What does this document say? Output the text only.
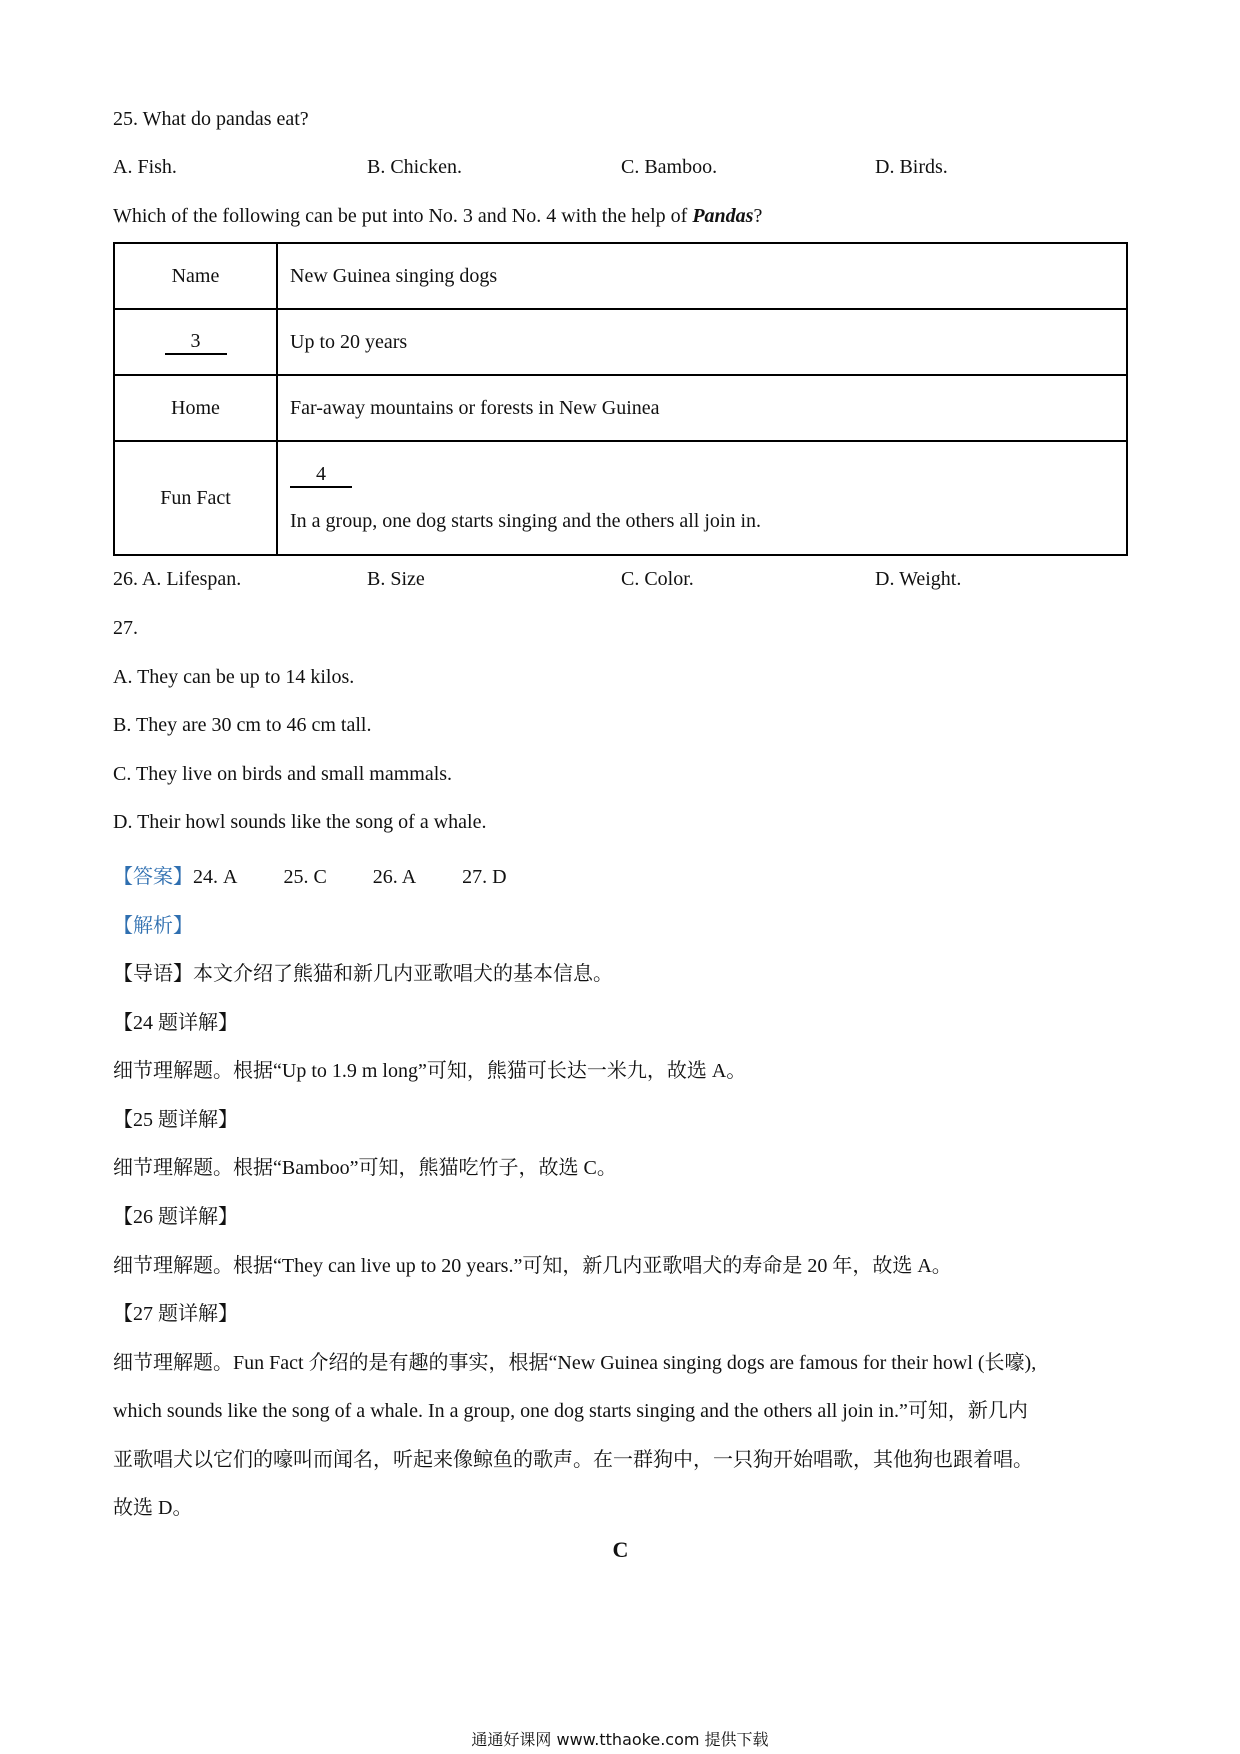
25. What do pandas eat?
A. Fish.	B. Chicken.	C. Bamboo.	D. Birds.
Which of the following can be put into No. 3 and No. 4 with the help of Pandas?
Name	New Guinea singing dogs
3	Up to 20 years
Home	Far-away mountains or forests in New Guinea
Fun Fact	4
In a group, one dog starts singing and the others all join in.
26. A. Lifespan.	B. Size	C. Color.	D. Weight.
27.
A. They can be up to 14 kilos.
B. They are 30 cm to 46 cm tall.
C. They live on birds and small mammals.
D. Their howl sounds like the song of a whale.
【答案】24. A 25. C 26. A 27. D
【解析】
【导语】本文介绍了熊猫和新几内亚歌唱犬的基本信息。
【24 题详解】
细节理解题。根据“Up to 1.9 m long”可知，熊猫可长达一米九，故选 A。
【25 题详解】
细节理解题。根据“Bamboo”可知，熊猫吃竹子，故选 C。
【26 题详解】
细节理解题。根据“They can live up to 20 years.”可知，新几内亚歌唱犬的寿命是 20 年，故选 A。
【27 题详解】
细节理解题。Fun Fact 介绍的是有趣的事实，根据“New Guinea singing dogs are famous for their howl (长嚎),
which sounds like the song of a whale. In a group, one dog starts singing and the others all join in.”可知，新几内
亚歌唱犬以它们的嚎叫而闻名，听起来像鲸鱼的歌声。在一群狗中，一只狗开始唱歌，其他狗也跟着唱。
故选 D。
C
通通好课网 www.tthaoke.com 提供下载
